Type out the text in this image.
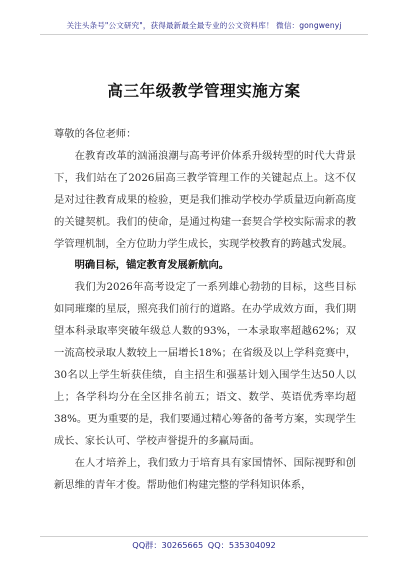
关注头条号"公文研究"，获得最新最全最专业的公文资料库！ 微信：gongwenyj
高三年级教学管理实施方案

尊敬的各位老师：

在教育改革的汹涌浪潮与高考评价体系升级转型的时代大背景下，我们站在了2026届高三教学管理工作的关键起点上。这不仅是对过往教育成果的检验，更是我们推动学校办学质量迈向新高度的关键契机。我们的使命，是通过构建一套契合学校实际需求的教学管理机制，全方位助力学生成长，实现学校教育的跨越式发展。

明确目标，锚定教育发展新航向。

我们为2026年高考设定了一系列雄心勃勃的目标，这些目标如同璀璨的星辰，照亮我们前行的道路。在办学成效方面，我们期望本科录取率突破年级总人数的93%，一本录取率超越62%；双一流高校录取人数较上一届增长18%；在省级及以上学科竞赛中，30名以上学生斩获佳绩，自主招生和强基计划入围学生达50人以上；各学科均分在全区排名前五；语文、数学、英语优秀率均超38%。更为重要的是，我们要通过精心筹备的备考方案，实现学生成长、家长认可、学校声誉提升的多赢局面。

在人才培养上，我们致力于培育具有家国情怀、国际视野和创新思维的青年才俊。帮助他们构建完整的学科知识体系，

QQ群：30265665 QQ：535304092
